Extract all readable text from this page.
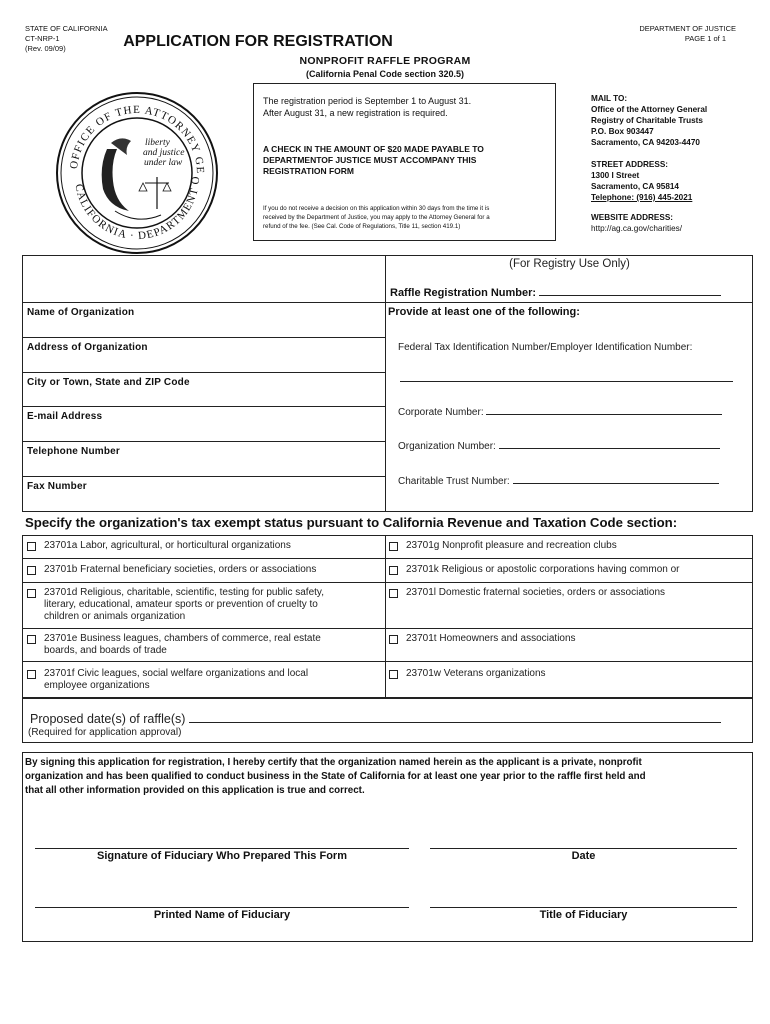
STATE OF CALIFORNIA
CT-NRP-1
(Rev. 09/09)
DEPARTMENT OF JUSTICE
PAGE 1 of 1
APPLICATION FOR REGISTRATION
NONPROFIT RAFFLE PROGRAM
(California Penal Code section 320.5)
OFFICE OF THE ATTORNEY GE
CALIFORNIA · DEPARTMENT O
liberty
and justice
under law

The registration period is September 1 to August 31.

After August 31, a new registration is required.

A CHECK IN THE AMOUNT OF $20 MADE PAYABLE TO

DEPARTMENTOF JUSTICE MUST ACCOMPANY THIS

REGISTRATION FORM

If you do not receive a decision on this application within 30 days from the time it is

received by the Department of Justice, you may apply to the Attorney General for a

refund of the fee. (See Cal. Code of Regulations, Title 11, section 419.1)

MAIL TO:
Office of the Attorney General
Registry of Charitable Trusts
P.O. Box 903447
Sacramento, CA 94203-4470
STREET ADDRESS:
1300 I Street
Sacramento, CA 95814
Telephone: (916) 445-2021
WEBSITE ADDRESS:
http://ag.ca.gov/charities/
Name of Organization
Address of Organization
City or Town, State and ZIP Code
E-mail Address
Telephone Number
Fax Number
(For Registry Use Only)
Raffle Registration Number:
Provide at least one of the following:
Federal Tax Identification Number/Employer Identification Number:
Corporate Number:
Organization Number:
Charitable Trust Number:
Specify the organization's tax exempt status pursuant to California Revenue and Taxation Code section:
23701a Labor, agricultural, or horticultural organizations
23701b Fraternal beneficiary societies, orders or associations
23701d Religious, charitable, scientific, testing for public safety,
literary, educational, amateur sports or prevention of cruelty to
children or animals organization
23701e Business leagues, chambers of commerce, real estate
boards, and boards of trade
23701f Civic leagues, social welfare organizations and local
employee organizations
23701g Nonprofit pleasure and recreation clubs
23701k Religious or apostolic corporations having common or
23701l Domestic fraternal societies, orders or associations
23701t Homeowners and associations
23701w Veterans organizations
Proposed date(s) of raffle(s)
(Required for application approval)
By signing this application for registration, I hereby certify that the organization named herein as the applicant is a private, nonprofit
organization and has been qualified to conduct business in the State of California for at least one year prior to the raffle first held and
that all other information provided on this application is true and correct.
Signature of Fiduciary Who Prepared This Form	Date
Printed Name of Fiduciary	Title of Fiduciary
